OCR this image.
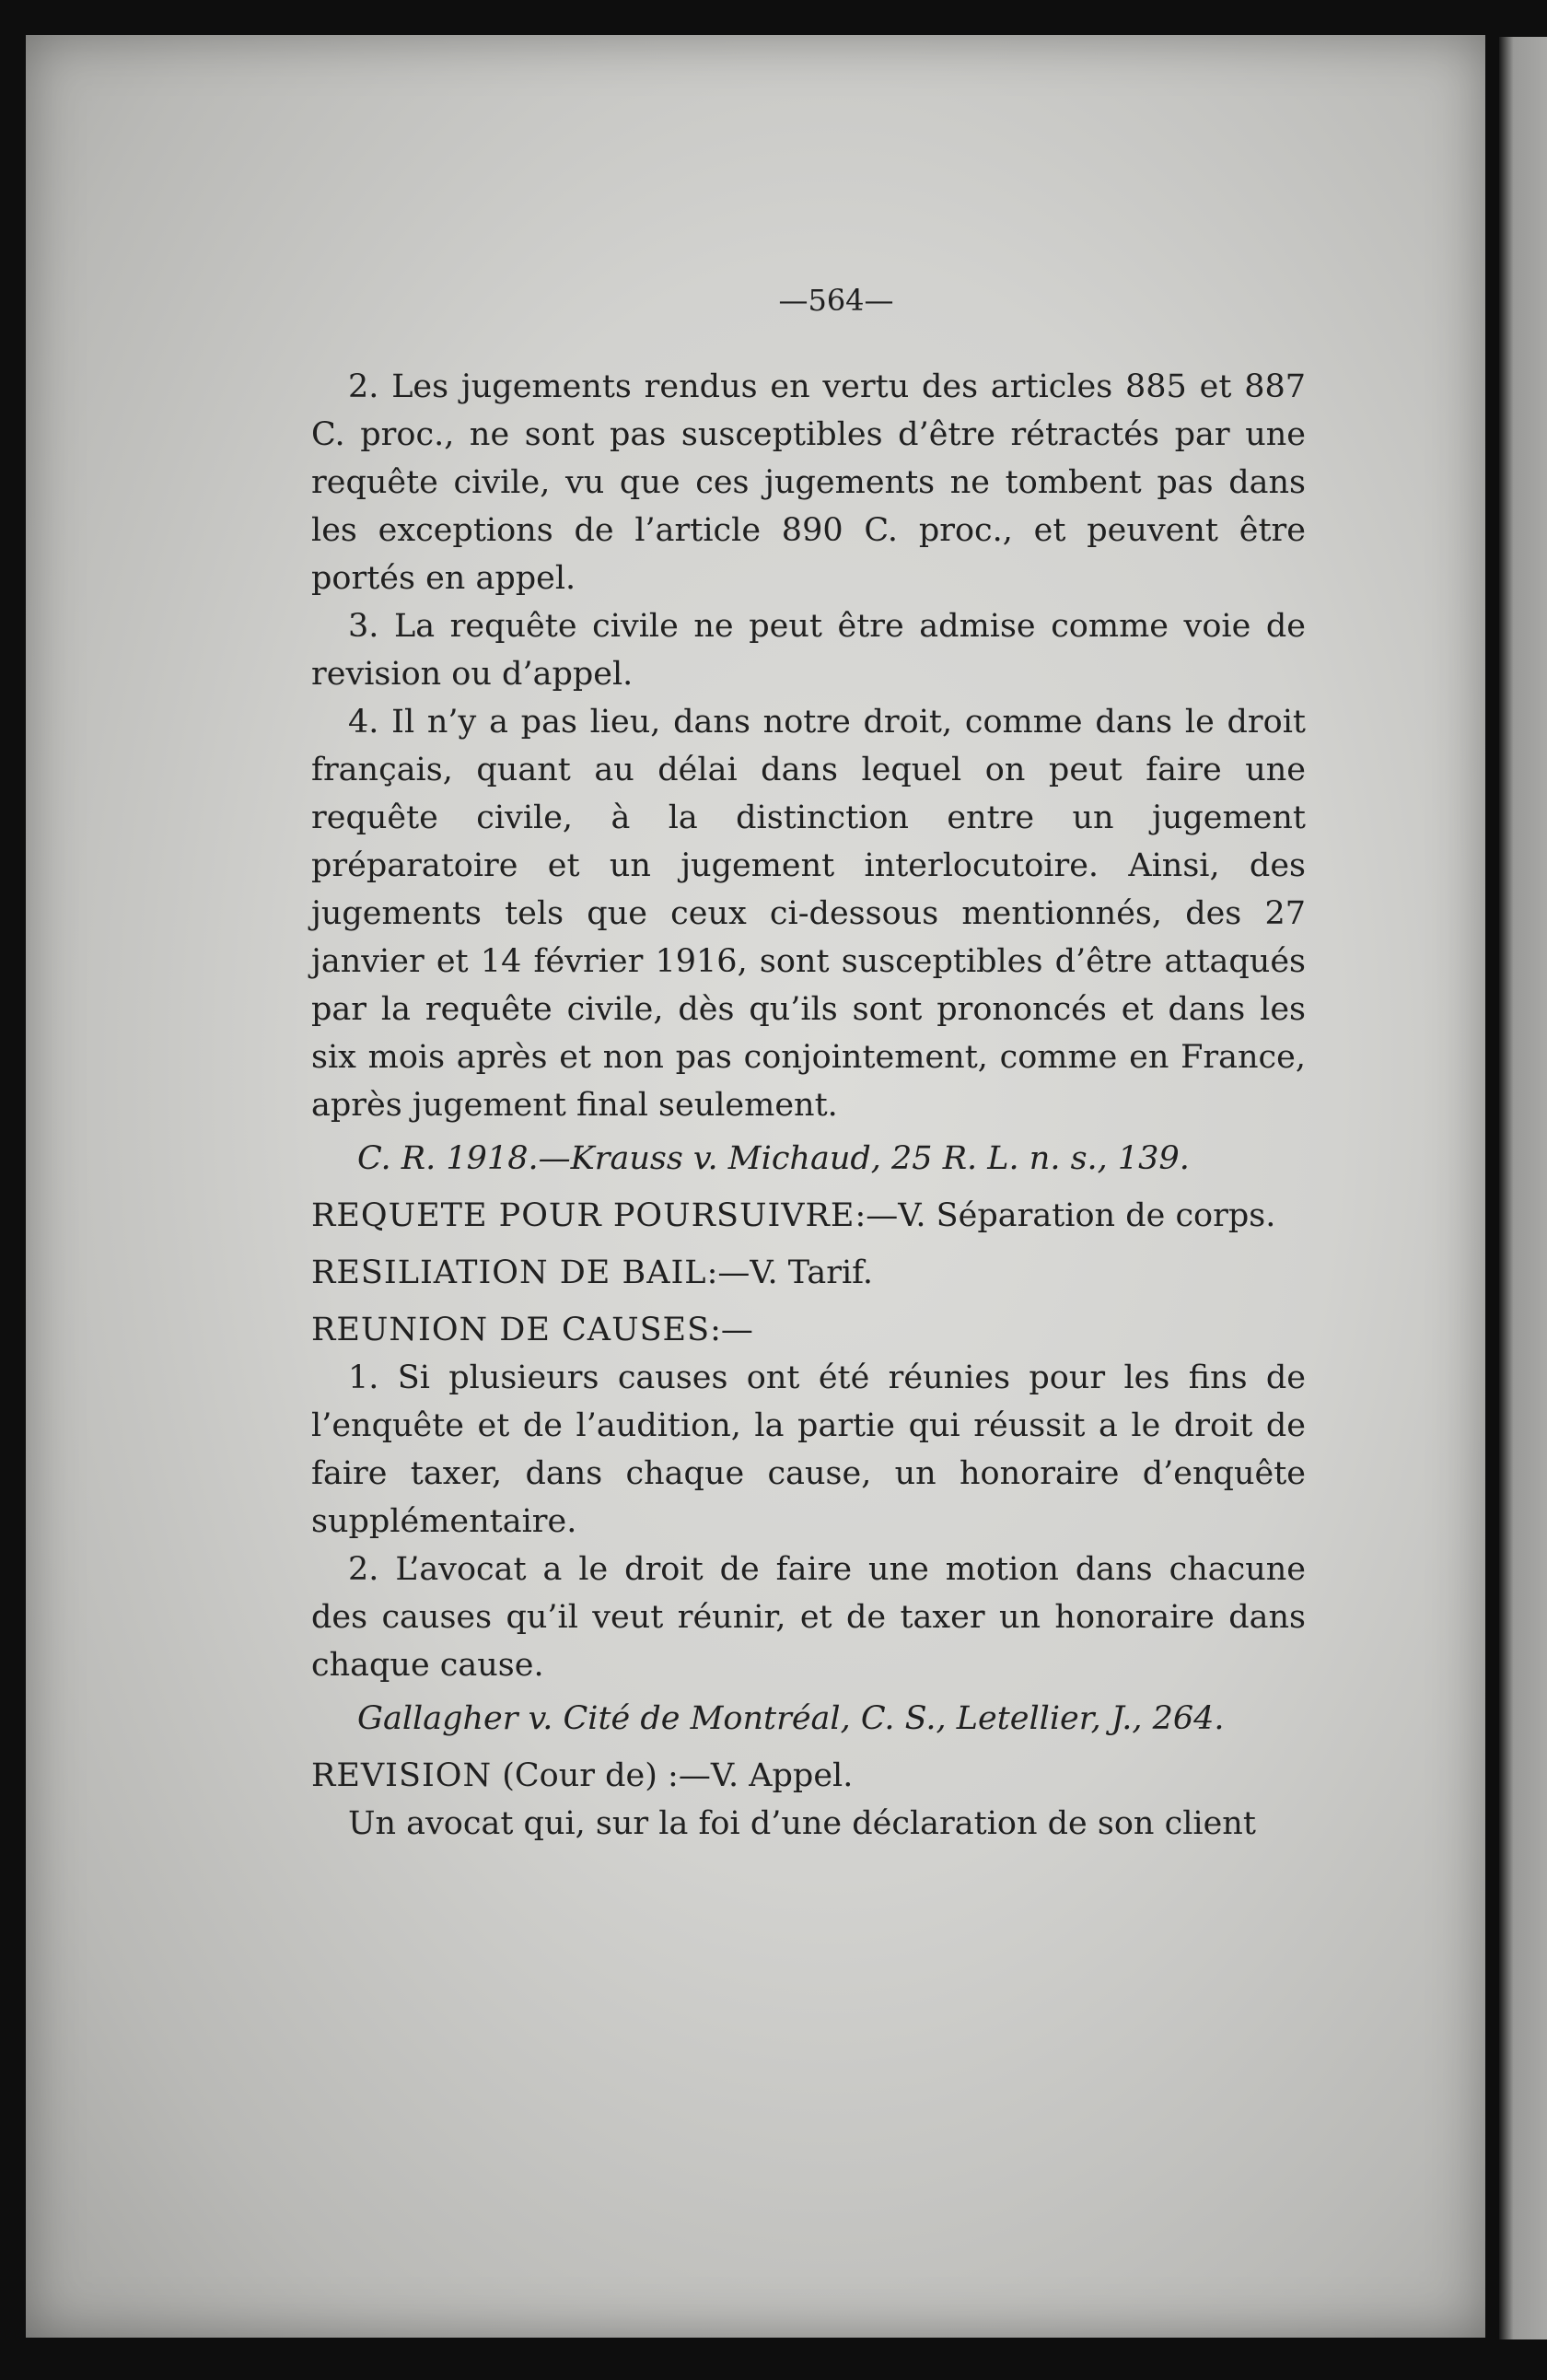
—564—

2. Les jugements rendus en vertu des articles 885 et 887 C. proc., ne sont pas susceptibles d’être rétractés par une requête civile, vu que ces jugements ne tombent pas dans les exceptions de l’article 890 C. proc., et peuvent être portés en appel.

3. La requête civile ne peut être admise comme voie de revision ou d’appel.

4. Il n’y a pas lieu, dans notre droit, comme dans le droit français, quant au délai dans lequel on peut faire une requête civile, à la distinction entre un jugement préparatoire et un jugement interlocutoire. Ainsi, des jugements tels que ceux ci-dessous mentionnés, des 27 janvier et 14 février 1916, sont susceptibles d’être attaqués par la requête civile, dès qu’ils sont prononcés et dans les six mois après et non pas conjointement, comme en France, après jugement final seulement.

C. R. 1918.—Krauss v. Michaud, 25 R. L. n. s., 139.

REQUETE POUR POURSUIVRE:—V. Séparation de corps.

RESILIATION DE BAIL:—V. Tarif.

REUNION DE CAUSES:—

1. Si plusieurs causes ont été réunies pour les fins de l’enquête et de l’audition, la partie qui réussit a le droit de faire taxer, dans chaque cause, un honoraire d’enquête supplémentaire.

2. L’avocat a le droit de faire une motion dans chacune des causes qu’il veut réunir, et de taxer un honoraire dans chaque cause.

Gallagher v. Cité de Montréal, C. S., Letellier, J., 264.

REVISION (Cour de) :—V. Appel.

Un avocat qui, sur la foi d’une déclaration de son client
